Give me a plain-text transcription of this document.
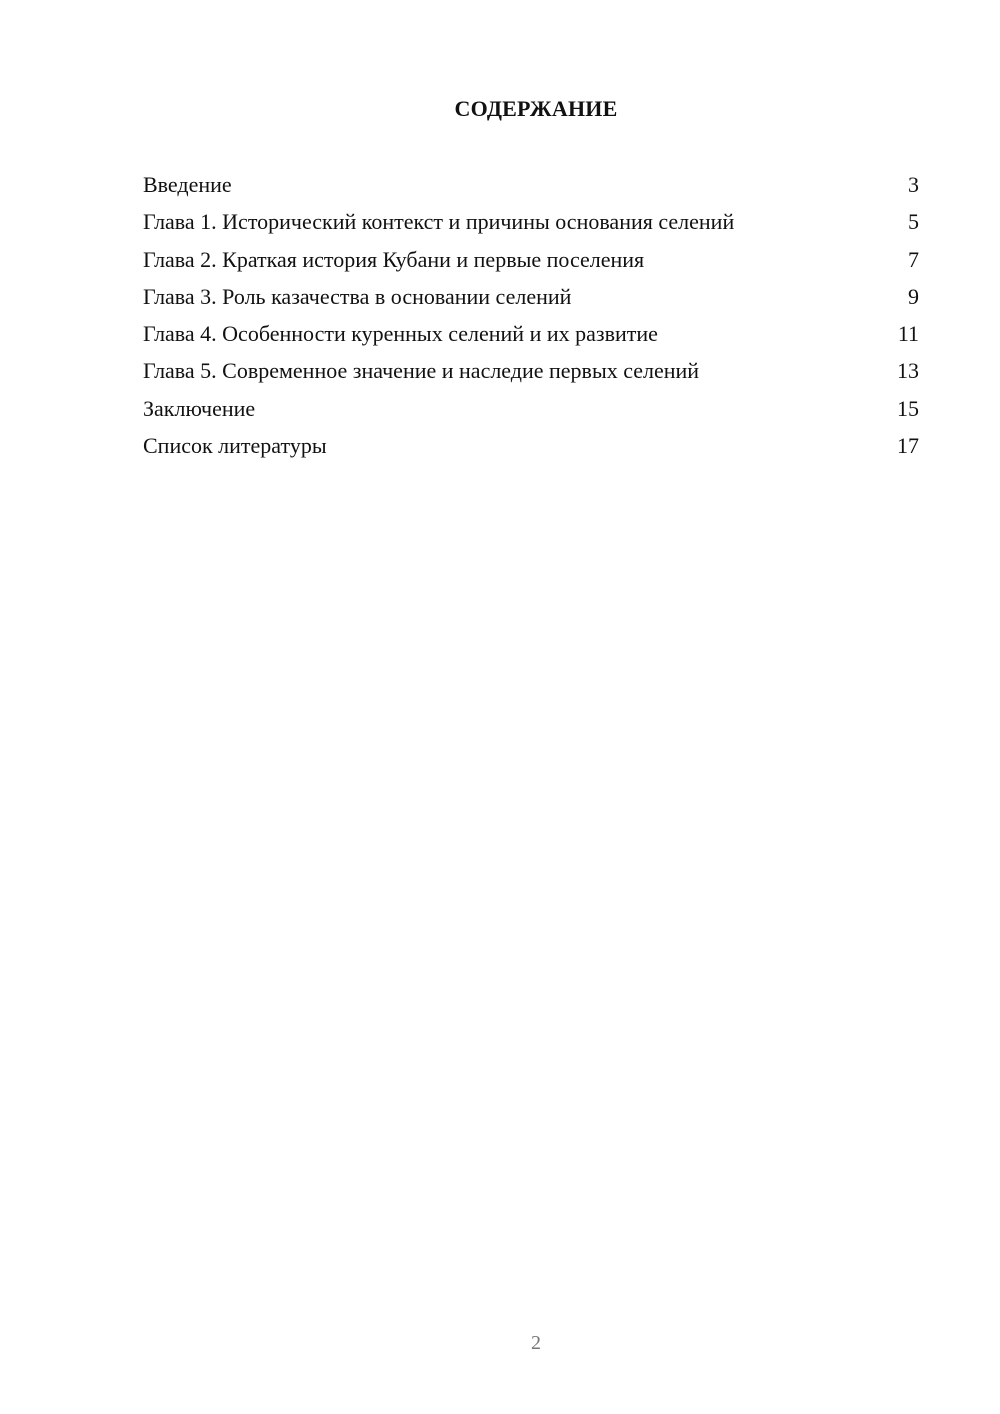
СОДЕРЖАНИЕ
Введение	3
Глава 1. Исторический контекст и причины основания селений	5
Глава 2. Краткая история Кубани и первые поселения	7
Глава 3. Роль казачества в основании селений	9
Глава 4. Особенности куренных селений и их развитие	11
Глава 5. Современное значение и наследие первых селений	13
Заключение	15
Список литературы	17
2
